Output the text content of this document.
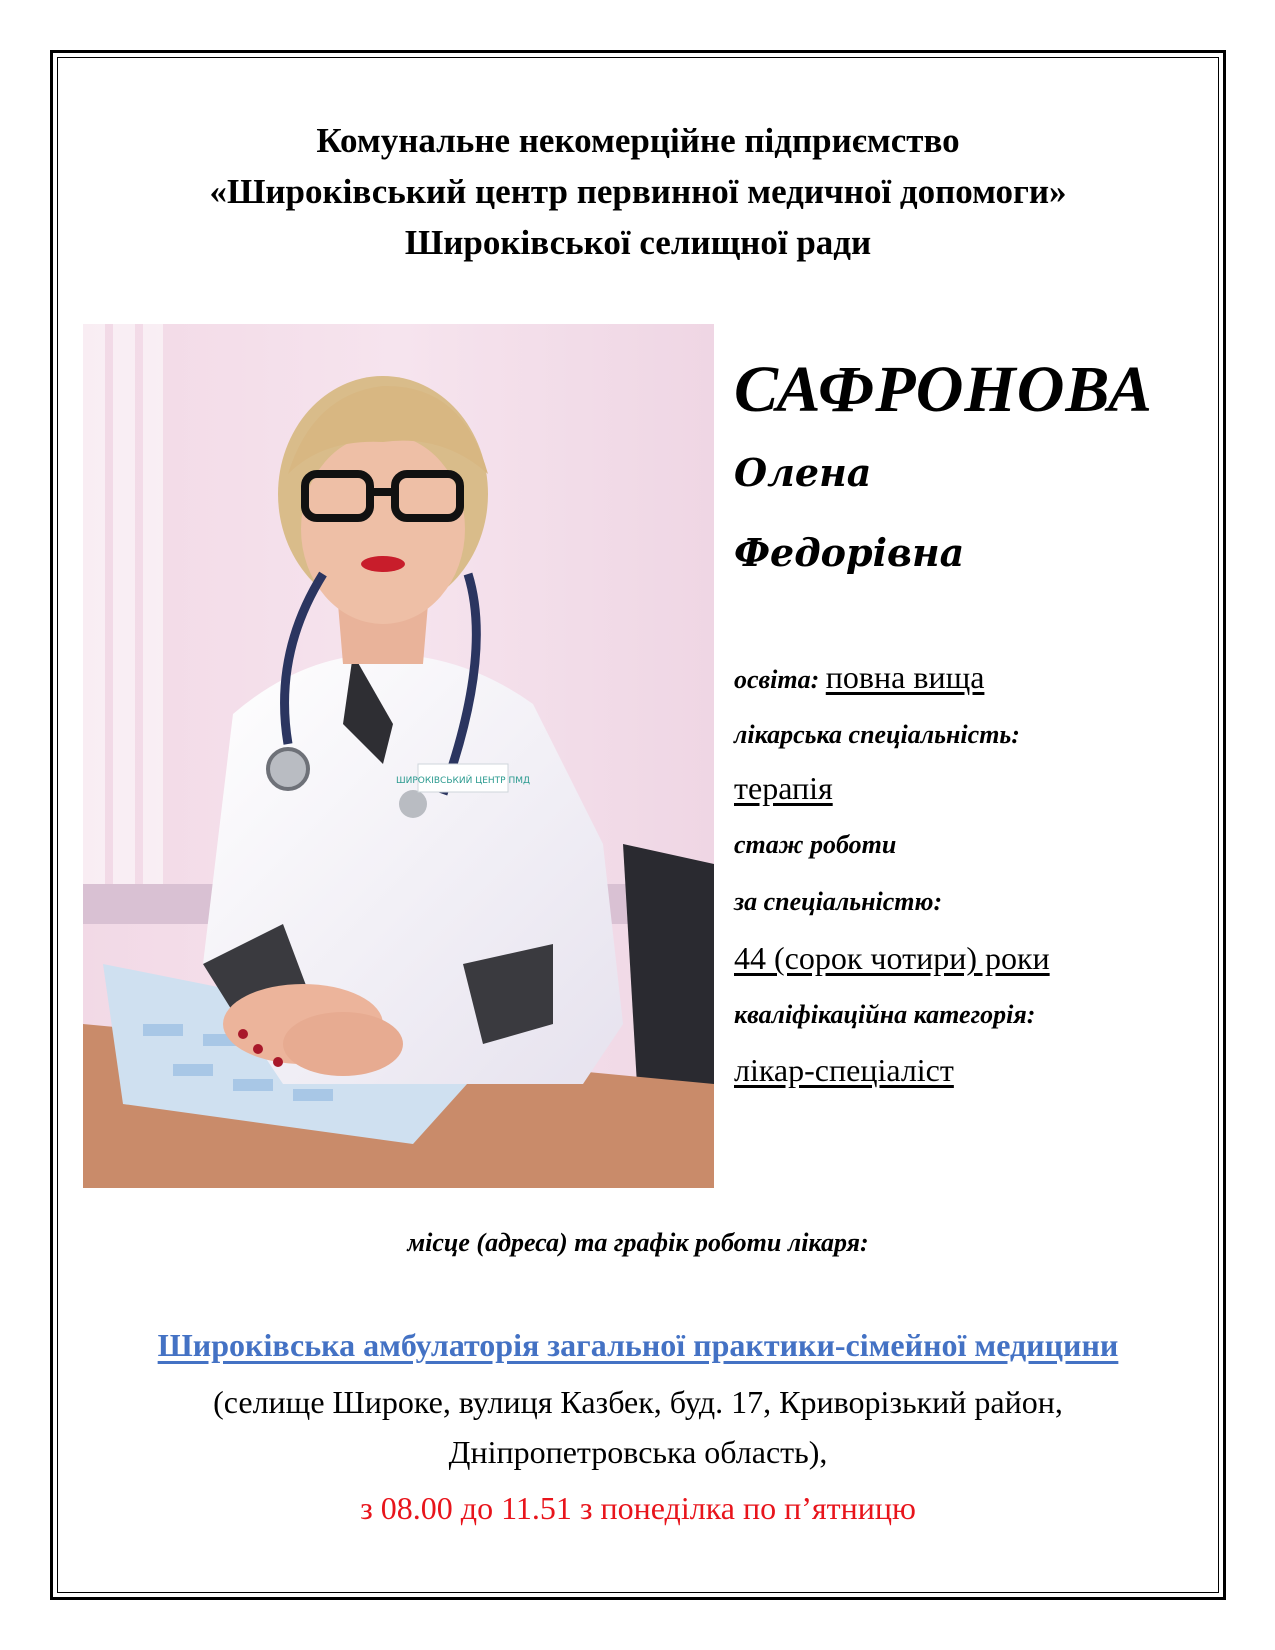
Комунальне некомерційне підприємство
«Широківський центр первинної медичної допомоги»
Широківської селищної ради
ШИРОКІВСЬКИЙ ЦЕНТР ПМД
САФРОНОВА
Олена
Федорівна
освіта: повна вища
лікарська спеціальність:
терапія
стаж роботи
за спеціальністю:
44 (сорок чотири) роки
кваліфікаційна категорія:
лікар-спеціаліст
місце (адреса) та графік роботи лікаря:
Широківська амбулаторія загальної практики-сімейної медицини
(селище Широке, вулиця Казбек, буд. 17, Криворізький район,
Дніпропетровська область),
з 08.00 до 11.51 з понеділка по п’ятницю
